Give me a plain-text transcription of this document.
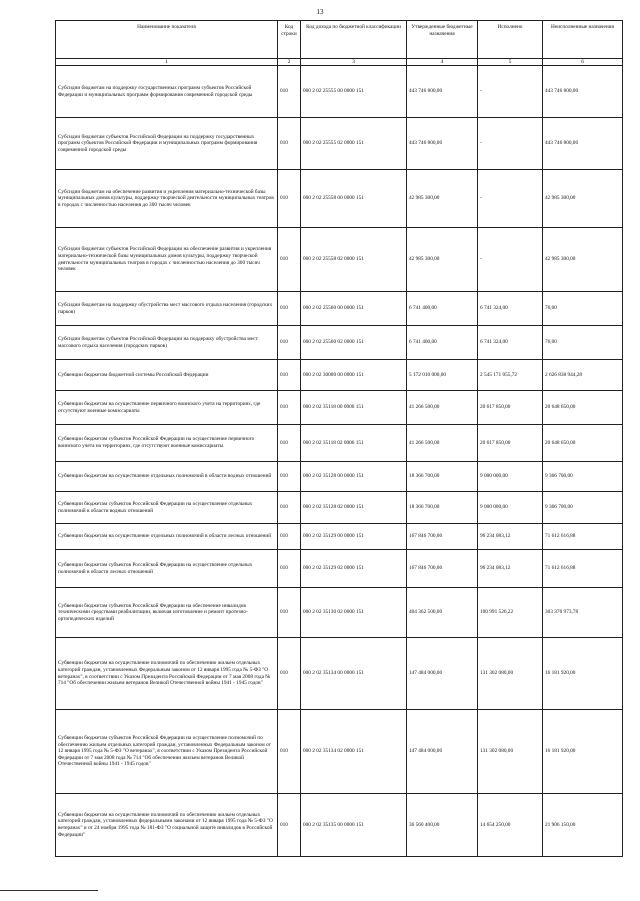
13
Наименование показателя	Код строки	Код дохода по бюджетной классификации	Утвержденные бюджетные назначения	Исполнено	Неисполненные назначения
1	2	3	4	5	6
Субсидии бюджетам на поддержку государственных программ субъектов Российской Федерации и муниципальных программ формирования современной городской среды	010	000 2 02 25555 00 0000 151	443 746 800,00	-	443 746 800,00
Субсидии бюджетам субъектов Российской Федерации на поддержку государственных программ субъектов Российской Федерации и муниципальных программ формирования современной городской среды	010	000 2 02 25555 02 0000 151	443 746 800,00	-	443 746 800,00
Субсидии бюджетам на обеспечение развития и укрепления материально-технической базы муниципальных домов культуры, поддержку творческой деятельности муниципальных театров в городах с численностью населения до 300 тысяч человек	010	000 2 02 25558 00 0000 151	42 985 300,00	-	42 985 300,00
Субсидии бюджетам субъектов Российской Федерации на обеспечение развития и укрепления материально-технической базы муниципальных домов культуры, поддержку творческой деятельности муниципальных театров в городах с численностью населения до 300 тысяч человек	010	000 2 02 25558 02 0000 151	42 985 300,00	-	42 985 300,00
Субсидии бюджетам на поддержку обустройства мест массового отдыха населения (городских парков)	010	000 2 02 25560 00 0000 151	6 741 400,00	6 741 324,00	76,00
Субсидии бюджетам субъектов Российской Федерации на поддержку обустройства мест массового отдыха населения (городских парков)	010	000 2 02 25560 02 0000 151	6 741 400,00	6 741 324,00	76,00
Субвенции бюджетам бюджетной системы Российской Федерации	010	000 2 02 30000 00 0000 151	5 172 010 000,00	2 545 171 055,72	2 626 838 944,28
Субвенции бюджетам на осуществление первичного воинского учета на территориях, где отсутствуют военные комиссариаты	010	000 2 02 35118 00 0000 151	41 266 500,00	20 617 850,00	20 648 650,00
Субвенции бюджетам субъектов Российской Федерации на осуществление первичного воинского учета на территориях, где отсутствуют военные комиссариаты	010	000 2 02 35118 02 0000 151	41 266 500,00	20 617 850,00	20 648 650,00
Субвенции бюджетам на осуществление отдельных полномочий в области водных отношений	010	000 2 02 35128 00 0000 151	18 366 700,00	9 000 000,00	9 366 700,00
Субвенции бюджетам субъектов Российской Федерации на осуществление отдельных полномочий в области водных отношений	010	000 2 02 35128 02 0000 151	18 366 700,00	9 000 000,00	9 366 700,00
Субвенции бюджетам на осуществление отдельных полномочий в области лесных отношений	010	000 2 02 35129 00 0000 151	167 846 700,00	96 234 083,12	71 612 616,88
Субвенции бюджетам субъектов Российской Федерации на осуществление отдельных полномочий в области лесных отношений	010	000 2 02 35129 02 0000 151	167 846 700,00	96 234 083,12	71 612 616,88
Субвенции бюджетам субъектов Российской Федерации на обеспечение инвалидов техническими средствами реабилитации, включая изготовление и ремонт протезно-ортопедических изделий	010	000 2 02 35130 02 0000 151	404 362 500,00	100 991 526,22	303 370 973,78
Субвенции бюджетам на осуществление полномочий по обеспечению жильем отдельных категорий граждан, установленных Федеральным законом от 12 января 1995 года № 5-ФЗ "О ветеранах", в соответствии с Указом Президента Российской Федерации от 7 мая 2008 года № 714 "Об обеспечении жильем ветеранов Великой Отечественной войны 1941 - 1945 годов"	010	000 2 02 35134 00 0000 151	147 484 000,00	131 302 080,00	16 181 920,00
Субвенции бюджетам субъектов Российской Федерации на осуществление полномочий по обеспечению жильем отдельных категорий граждан, установленных Федеральным законом от 12 января 1995 года № 5-ФЗ "О ветеранах", в соответствии с Указом Президента Российской Федерации от 7 мая 2008 года № 714 "Об обеспечении жильем ветеранов Великой Отечественной войны 1941 - 1945 годов"	010	000 2 02 35134 02 0000 151	147 484 000,00	131 302 080,00	16 181 920,00
Субвенции бюджетам на осуществление полномочий по обеспечению жильем отдельных категорий граждан, установленных федеральными законами от 12 января 1995 года № 5-ФЗ "О ветеранах" и от 24 ноября 1995 года № 181-ФЗ "О социальной защите инвалидов в Российской Федерации"	010	000 2 02 35135 00 0000 151	36 560 400,00	14 654 250,00	21 906 150,00
